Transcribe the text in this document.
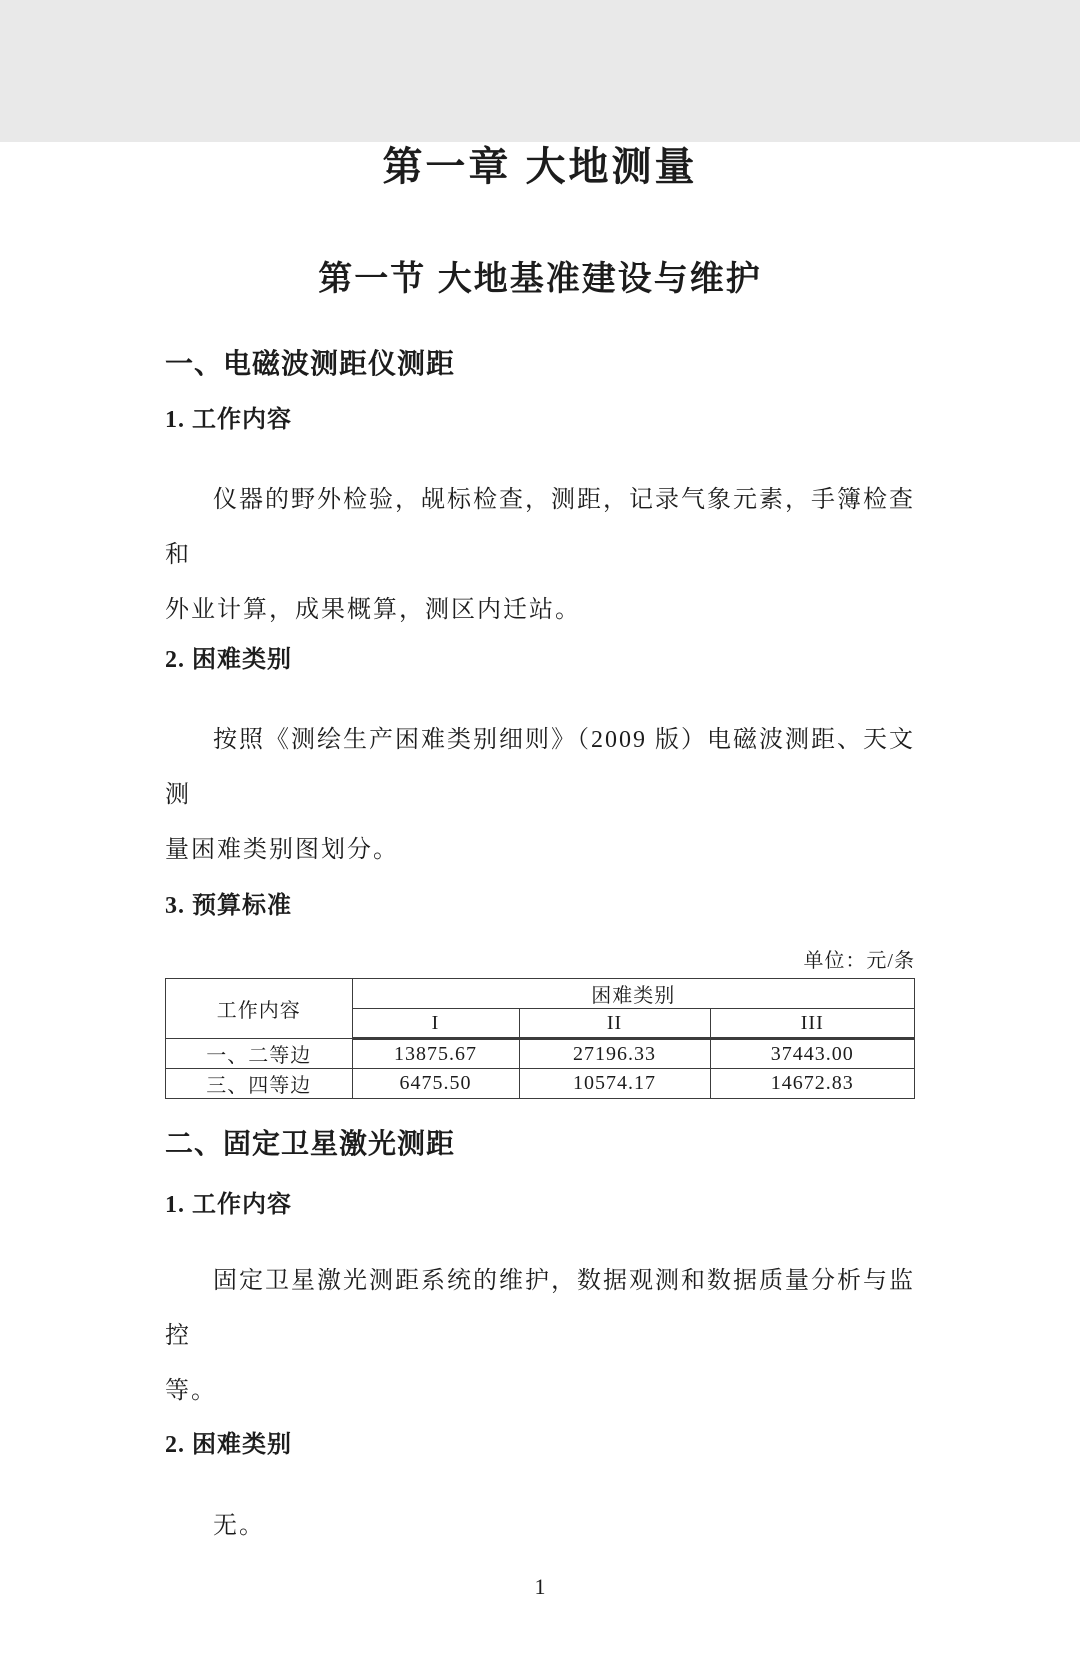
第一章 大地测量
第一节 大地基准建设与维护
一、电磁波测距仪测距
1. 工作内容
仪器的野外检验，觇标检查，测距，记录气象元素，手簿检查和
外业计算，成果概算，测区内迁站。
2. 困难类别
按照《测绘生产困难类别细则》（2009 版）电磁波测距、天文测
量困难类别图划分。
3. 预算标准
单位：元/条
工作内容	困难类别		
	I	II	III
一、二等边	13875.67	27196.33	37443.00
三、四等边	6475.50	10574.17	14672.83
二、固定卫星激光测距
1. 工作内容
固定卫星激光测距系统的维护，数据观测和数据质量分析与监控
等。
2. 困难类别
无。
1
